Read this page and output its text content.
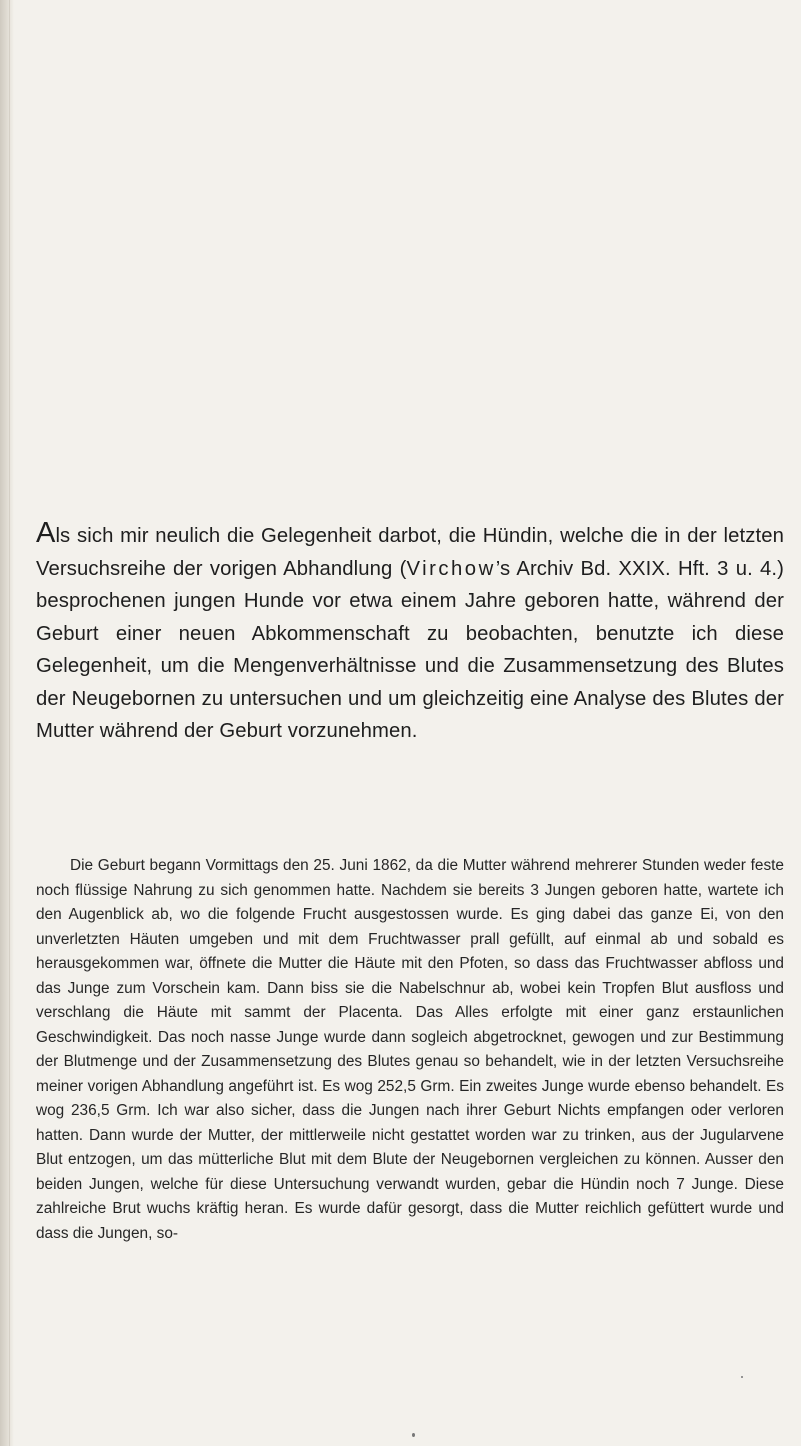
Als sich mir neulich die Gelegenheit darbot, die Hündin, welche die in der letzten Versuchsreihe der vorigen Abhandlung (Virchow’s Archiv Bd. XXIX. Hft. 3 u. 4.) besprochenen jungen Hunde vor etwa einem Jahre geboren hatte, während der Geburt einer neuen Abkommenschaft zu beobachten, benutzte ich diese Gelegenheit, um die Mengenverhältnisse und die Zusammensetzung des Blutes der Neugebornen zu untersuchen und um gleichzeitig eine Analyse des Blutes der Mutter während der Geburt vorzunehmen.

Die Geburt begann Vormittags den 25. Juni 1862, da die Mutter während mehrerer Stunden weder feste noch flüssige Nahrung zu sich genommen hatte. Nachdem sie bereits 3 Jungen geboren hatte, wartete ich den Augenblick ab, wo die folgende Frucht ausgestossen wurde. Es ging dabei das ganze Ei, von den unverletzten Häuten umgeben und mit dem Fruchtwasser prall gefüllt, auf einmal ab und sobald es herausgekommen war, öffnete die Mutter die Häute mit den Pfoten, so dass das Fruchtwasser abfloss und das Junge zum Vorschein kam. Dann biss sie die Nabelschnur ab, wobei kein Tropfen Blut ausfloss und verschlang die Häute mit sammt der Placenta. Das Alles erfolgte mit einer ganz erstaunlichen Geschwindigkeit. Das noch nasse Junge wurde dann sogleich abgetrocknet, gewogen und zur Bestimmung der Blutmenge und der Zusammensetzung des Blutes genau so behandelt, wie in der letzten Versuchsreihe meiner vorigen Abhandlung angeführt ist. Es wog 252,5 Grm. Ein zweites Junge wurde ebenso behandelt. Es wog 236,5 Grm. Ich war also sicher, dass die Jungen nach ihrer Geburt Nichts empfangen oder verloren hatten. Dann wurde der Mutter, der mittlerweile nicht gestattet worden war zu trinken, aus der Jugularvene Blut entzogen, um das mütterliche Blut mit dem Blute der Neugebornen vergleichen zu können. Ausser den beiden Jungen, welche für diese Untersuchung verwandt wurden, gebar die Hündin noch 7 Junge. Diese zahlreiche Brut wuchs kräftig heran. Es wurde dafür gesorgt, dass die Mutter reichlich gefüttert wurde und dass die Jungen, so-
